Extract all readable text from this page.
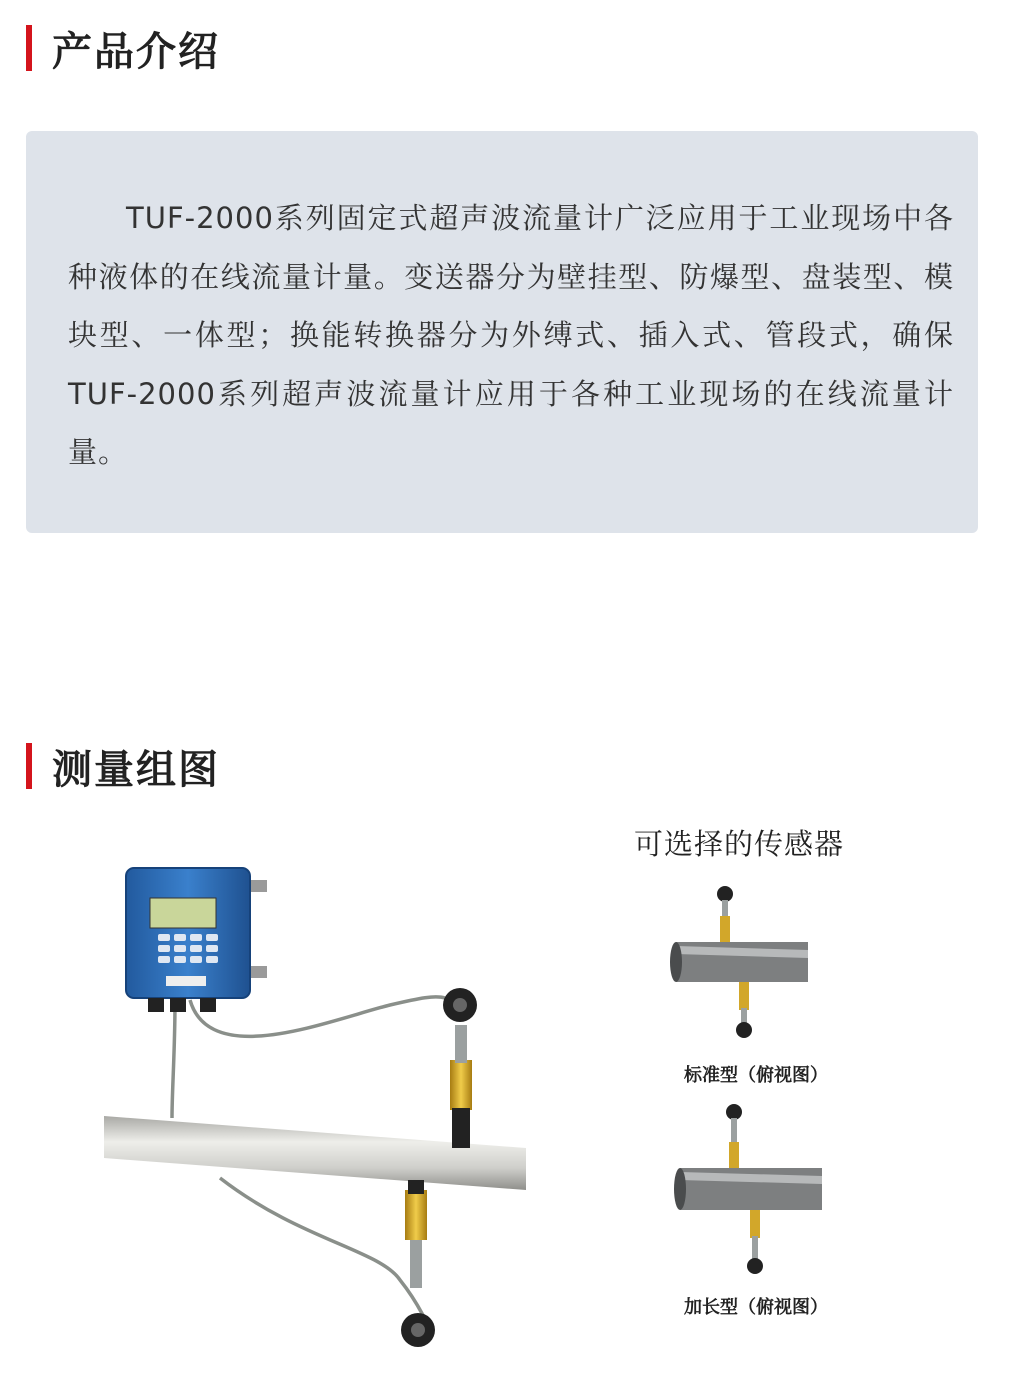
产品介绍

TUF-2000系列固定式超声波流量计广泛应用于工业现场中各种液体的在线流量计量。变送器分为壁挂型、防爆型、盘装型、模块型、一体型；换能转换器分为外缚式、插入式、管段式，确保TUF-2000系列超声波流量计应用于各种工业现场的在线流量计量。

测量组图
可选择的传感器
标准型（俯视图）
加长型（俯视图）
